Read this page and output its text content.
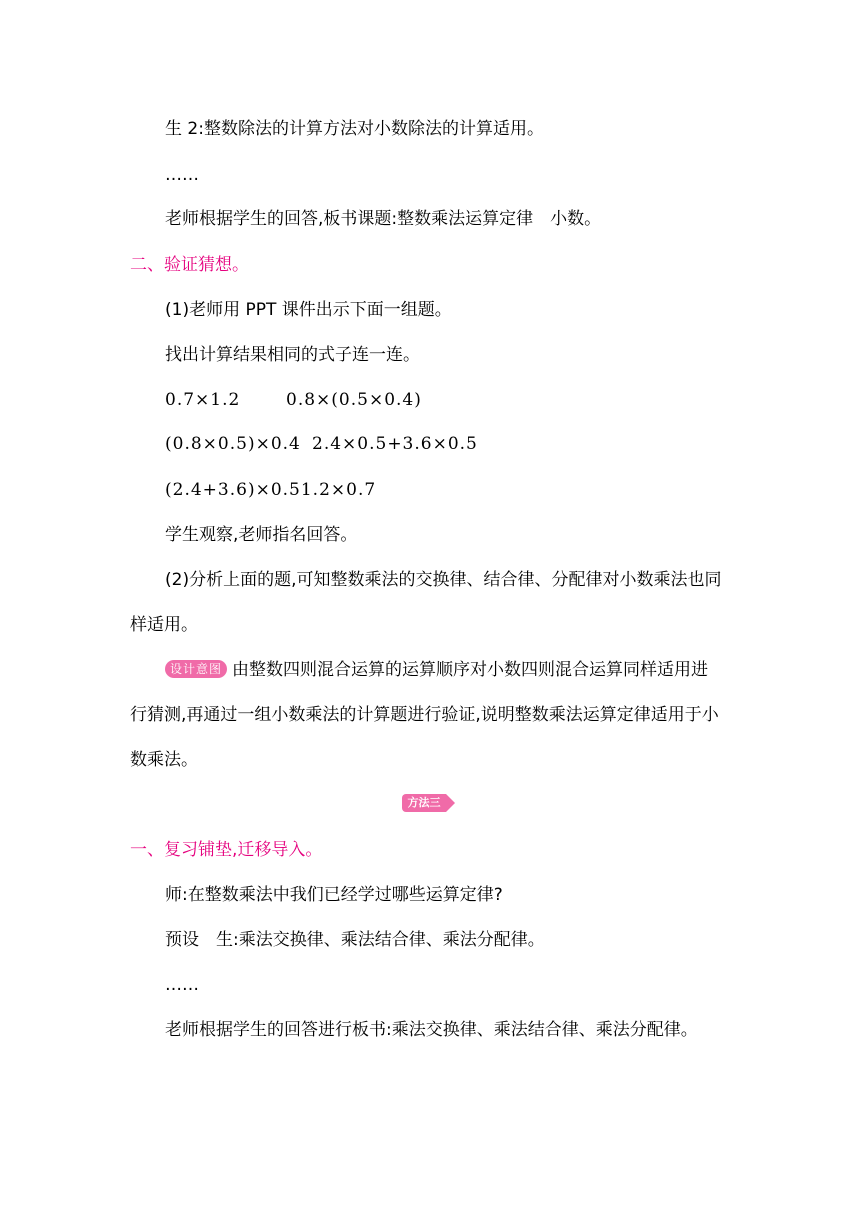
生 2:整数除法的计算方法对小数除法的计算适用。
……
老师根据学生的回答,板书课题:整数乘法运算定律　小数。
二、验证猜想。
(1)老师用 PPT 课件出示下面一组题。
找出计算结果相同的式子连一连。
0.7×1.2	0.8×(0.5×0.4)
(0.8×0.5)×0.4 2.4×0.5+3.6×0.5
(2.4+3.6)×0.51.2×0.7
学生观察,老师指名回答。
(2)分析上面的题,可知整数乘法的交换律、结合律、分配律对小数乘法也同
样适用。
设计意图 由整数四则混合运算的运算顺序对小数四则混合运算同样适用进
行猜测,再通过一组小数乘法的计算题进行验证,说明整数乘法运算定律适用于小
数乘法。
方法三
一、复习铺垫,迁移导入。
师:在整数乘法中我们已经学过哪些运算定律?
预设　生:乘法交换律、乘法结合律、乘法分配律。
……
老师根据学生的回答进行板书:乘法交换律、乘法结合律、乘法分配律。
